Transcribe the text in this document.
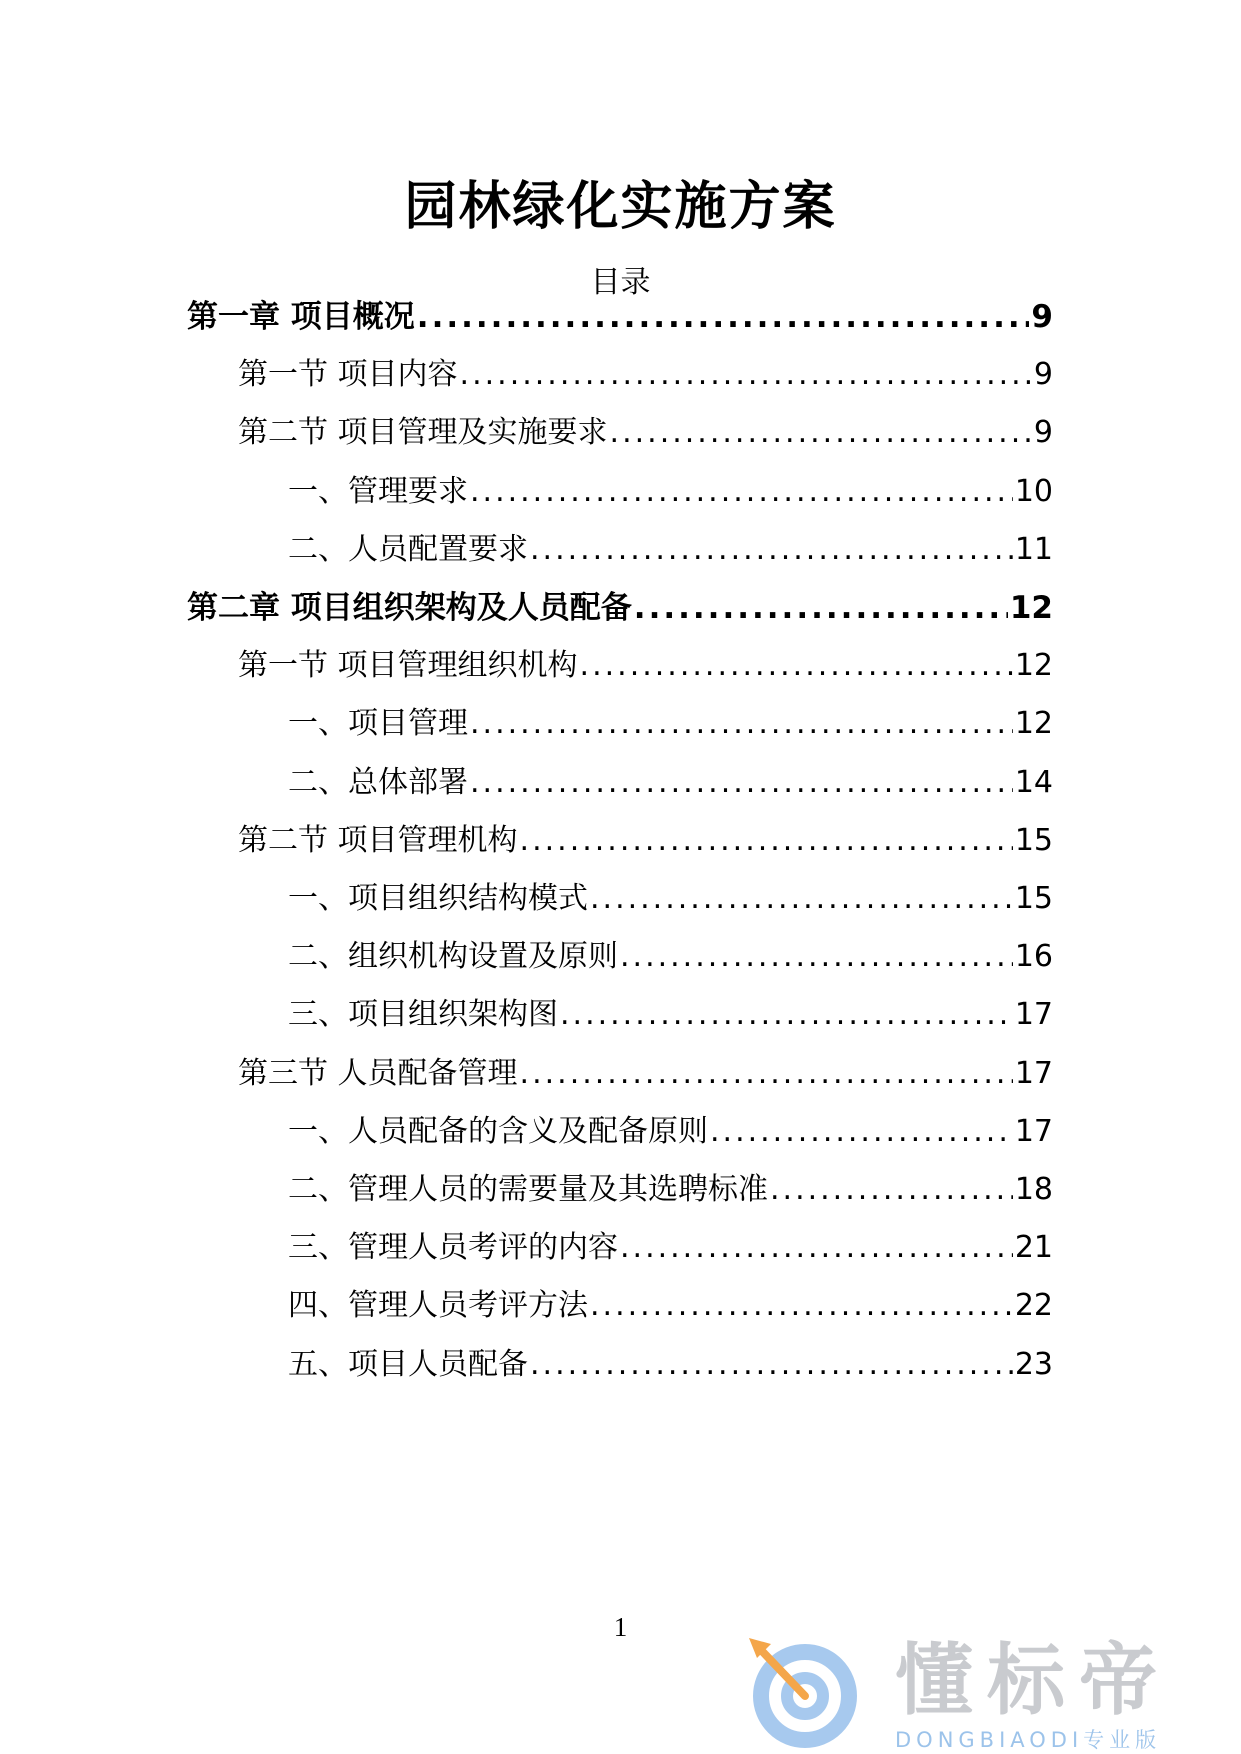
园林绿化实施方案
目录
第一章 项目概况 .....	9
第一节 项目内容 .....	9
第二节 项目管理及实施要求 .....	9
一、管理要求 .....	10
二、人员配置要求 .....	11
第二章 项目组织架构及人员配备 .....	12
第一节 项目管理组织机构 .....	12
一、项目管理 .....	12
二、总体部署 .....	14
第二节 项目管理机构 .....	15
一、项目组织结构模式 .....	15
二、组织机构设置及原则 .....	16
三、项目组织架构图 .....	17
第三节 人员配备管理 .....	17
一、人员配备的含义及配备原则 .....	17
二、管理人员的需要量及其选聘标准 .....	18
三、管理人员考评的内容 .....	21
四、管理人员考评方法 .....	22
五、项目人员配备 .....	23
1
懂标帝
DONGBIAODI专业版
